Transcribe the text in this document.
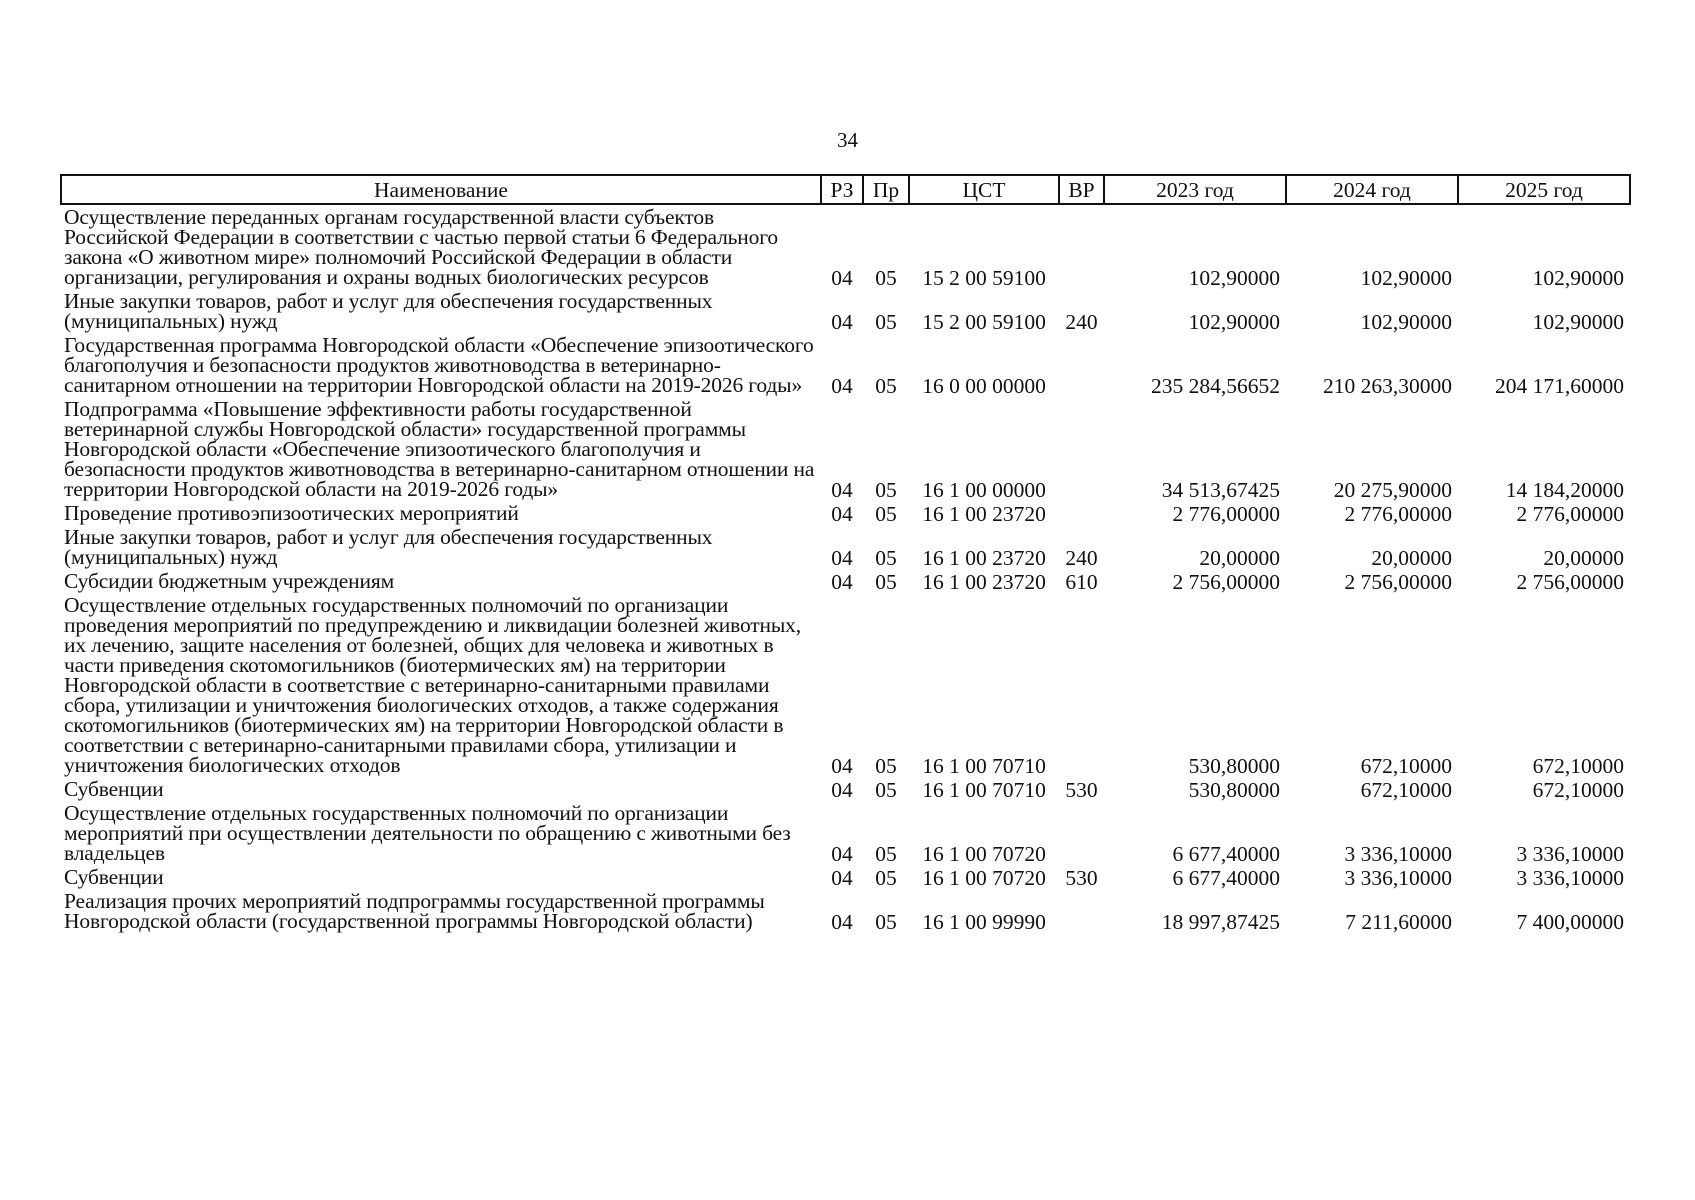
34
Наименование	РЗ	Пр	ЦСТ	ВР	2023 год	2024 год	2025 год
Осуществление переданных органам государственной власти субъектов Российской Федерации в соответствии с частью первой статьи 6 Федерального закона «О животном мире» полномочий Российской Федерации в области организации, регулирования и охраны водных биологических ресурсов	04	05	15 2 00 59100		102,90000	102,90000	102,90000
Иные закупки товаров, работ и услуг для обеспечения государственных (муниципальных) нужд	04	05	15 2 00 59100	240	102,90000	102,90000	102,90000
Государственная программа Новгородской области «Обеспечение эпизоотического благополучия и безопасности продуктов животноводства в ветеринарно-санитарном отношении на территории Новгородской области на 2019-2026 годы»	04	05	16 0 00 00000		235 284,56652	210 263,30000	204 171,60000
Подпрограмма «Повышение эффективности работы государственной ветеринарной службы Новгородской области» государственной программы Новгородской области «Обеспечение эпизоотического благополучия и безопасности продуктов животноводства в ветеринарно-санитарном отношении на территории Новгородской области на 2019-2026 годы»	04	05	16 1 00 00000		34 513,67425	20 275,90000	14 184,20000
Проведение противоэпизоотических мероприятий	04	05	16 1 00 23720		2 776,00000	2 776,00000	2 776,00000
Иные закупки товаров, работ и услуг для обеспечения государственных (муниципальных) нужд	04	05	16 1 00 23720	240	20,00000	20,00000	20,00000
Субсидии бюджетным учреждениям	04	05	16 1 00 23720	610	2 756,00000	2 756,00000	2 756,00000
Осуществление отдельных государственных полномочий по организации проведения мероприятий по предупреждению и ликвидации болезней животных, их лечению, защите населения от болезней, общих для человека и животных в части приведения скотомогильников (биотермических ям) на территории Новгородской области в соответствие с ветеринарно-санитарными правилами сбора, утилизации и уничтожения биологических отходов, а также содержания скотомогильников (биотермических ям) на территории Новгородской области в соответствии с ветеринарно-санитарными правилами сбора, утилизации и уничтожения биологических отходов	04	05	16 1 00 70710		530,80000	672,10000	672,10000
Субвенции	04	05	16 1 00 70710	530	530,80000	672,10000	672,10000
Осуществление отдельных государственных полномочий по организации мероприятий при осуществлении деятельности по обращению с животными без владельцев	04	05	16 1 00 70720		6 677,40000	3 336,10000	3 336,10000
Субвенции	04	05	16 1 00 70720	530	6 677,40000	3 336,10000	3 336,10000
Реализация прочих мероприятий подпрограммы государственной программы Новгородской области (государственной программы Новгородской области)	04	05	16 1 00 99990		18 997,87425	7 211,60000	7 400,00000
